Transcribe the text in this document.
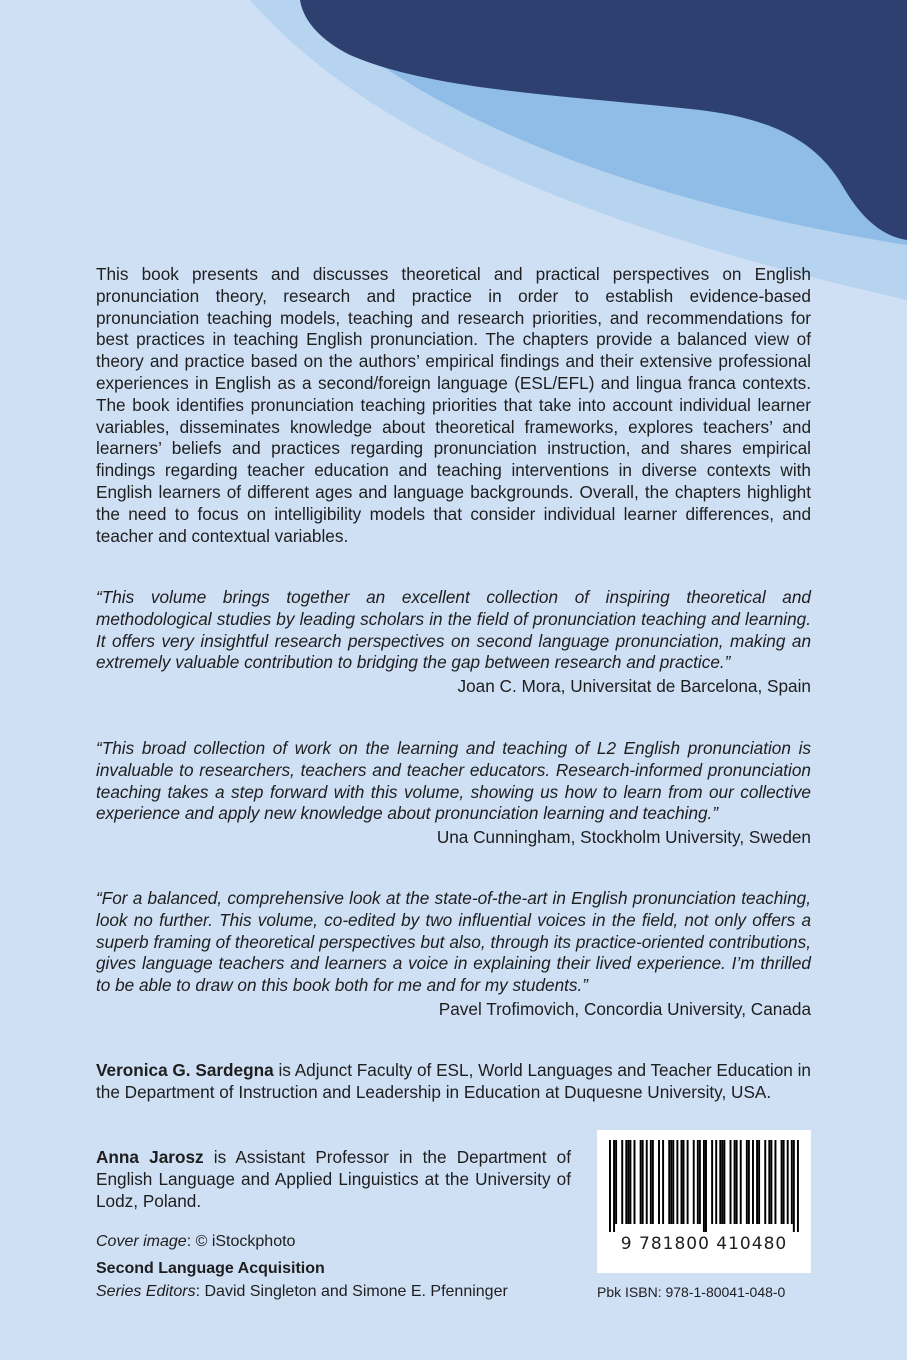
This book presents and discusses theoretical and practical perspectives on English pronunciation theory, research and practice in order to establish evidence-based pronunciation teaching models, teaching and research priorities, and recommendations for best practices in teaching English pronunciation. The chapters provide a balanced view of theory and practice based on the authors’ empirical findings and their extensive professional experiences in English as a second/foreign language (ESL/EFL) and lingua franca contexts. The book identifies pronunciation teaching priorities that take into account individual learner variables, disseminates knowledge about theoretical frameworks, explores teachers’ and learners’ beliefs and practices regarding pronunciation instruction, and shares empirical findings regarding teacher education and teaching interventions in diverse contexts with English learners of different ages and language backgrounds. Overall, the chapters highlight the need to focus on intelligibility models that consider individual learner differences, and teacher and contextual variables.
“This volume brings together an excellent collection of inspiring theoretical and methodological studies by leading scholars in the field of pronunciation teaching and learning. It offers very insightful research perspectives on second language pronunciation, making an extremely valuable contribution to bridging the gap between research and practice.”
Joan C. Mora, Universitat de Barcelona, Spain
“This broad collection of work on the learning and teaching of L2 English pronunciation is invaluable to researchers, teachers and teacher educators. Research-informed pronunciation teaching takes a step forward with this volume, showing us how to learn from our collective experience and apply new knowledge about pronunciation learning and teaching.”
Una Cunningham, Stockholm University, Sweden
“For a balanced, comprehensive look at the state-of-the-art in English pronunciation teaching, look no further. This volume, co-edited by two influential voices in the field, not only offers a superb framing of theoretical perspectives but also, through its practice-oriented contributions, gives language teachers and learners a voice in explaining their lived experience. I’m thrilled to be able to draw on this book both for me and for my students.”
Pavel Trofimovich, Concordia University, Canada
Veronica G. Sardegna is Adjunct Faculty of ESL, World Languages and Teacher Education in the Department of Instruction and Leadership in Education at Duquesne University, USA.
Anna Jarosz is Assistant Professor in the Department of English Language and Applied Linguistics at the University of Lodz, Poland.
Cover image: © iStockphoto
Second Language Acquisition
Series Editors: David Singleton and Simone E. Pfenninger
9 781800 410480
Pbk ISBN: 978-1-80041-048-0
